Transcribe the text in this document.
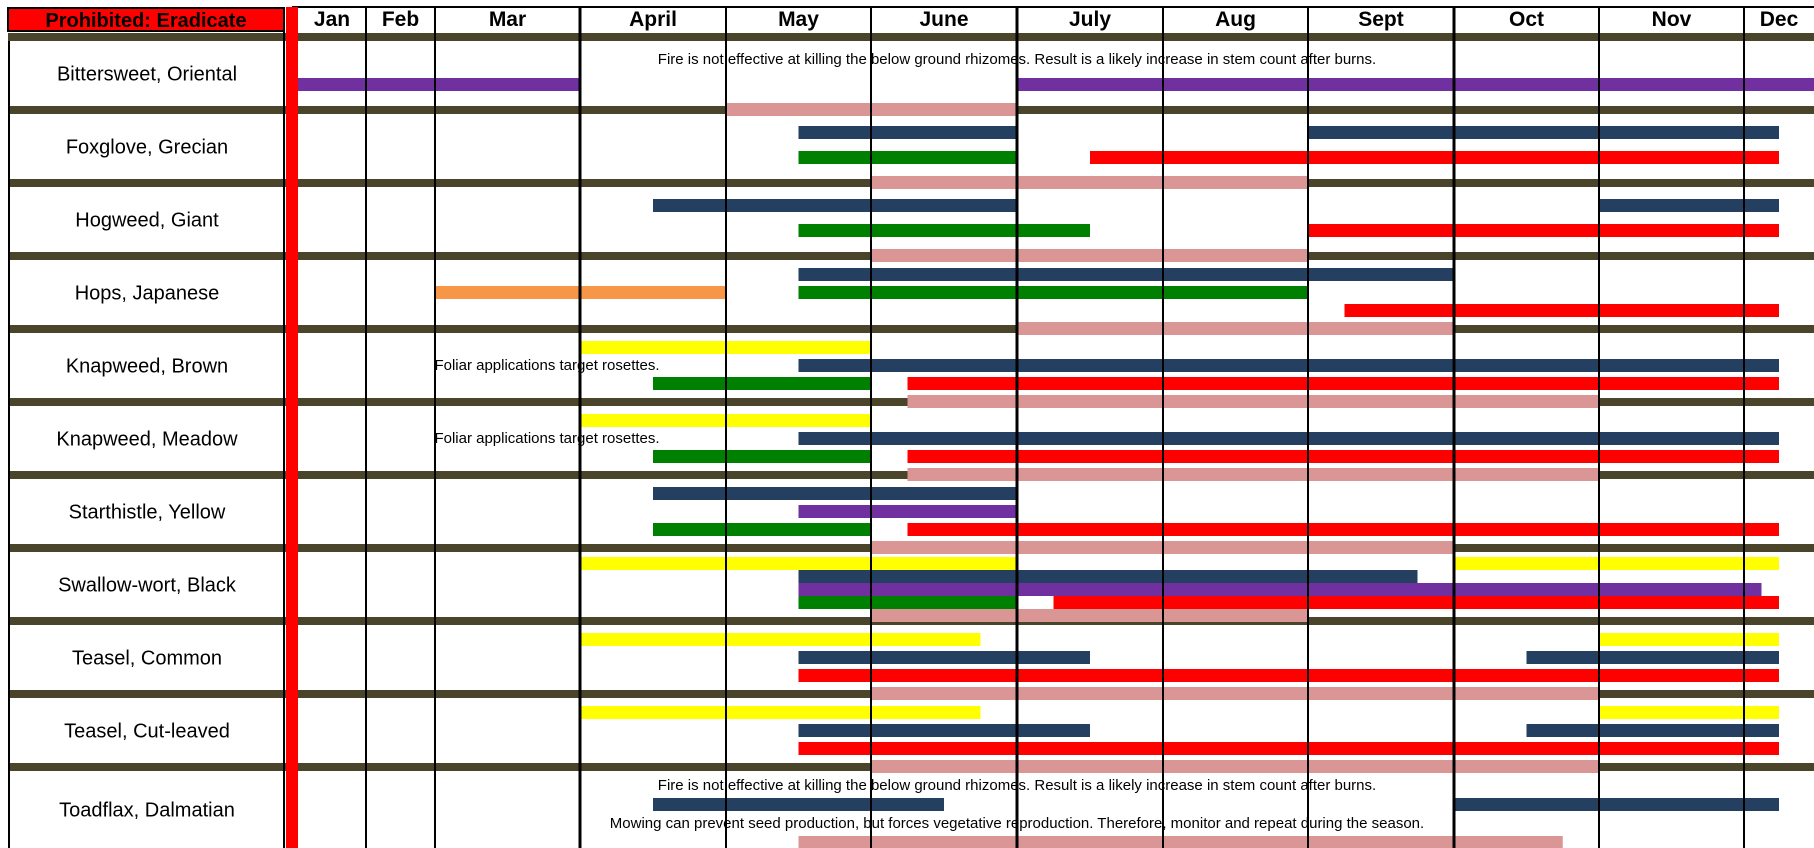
Prohibited: Eradicate	Jan Feb	Mar	April	May	June	July	Aug	Sept	Oct	Nov	Dec
Bittersweet, Oriental
Fire is not effective at killing the below ground rhizomes. Result is a likely increase in stem count after burns.
Foxglove, Grecian
Hogweed, Giant
Hops, Japanese
Knapweed, Brown	Foliar applications target rosettes.
Knapweed, Meadow	Foliar applications target rosettes.
Starthistle, Yellow
Swallow-wort, Black
Teasel, Common
Teasel, Cut-leaved
Toadflax, Dalmatian
Fire is not effective at killing the below ground rhizomes. Result is a likely increase in stem count after burns.
Mowing can prevent seed production, but forces vegetative reproduction. Therefore, monitor and repeat during the season.
